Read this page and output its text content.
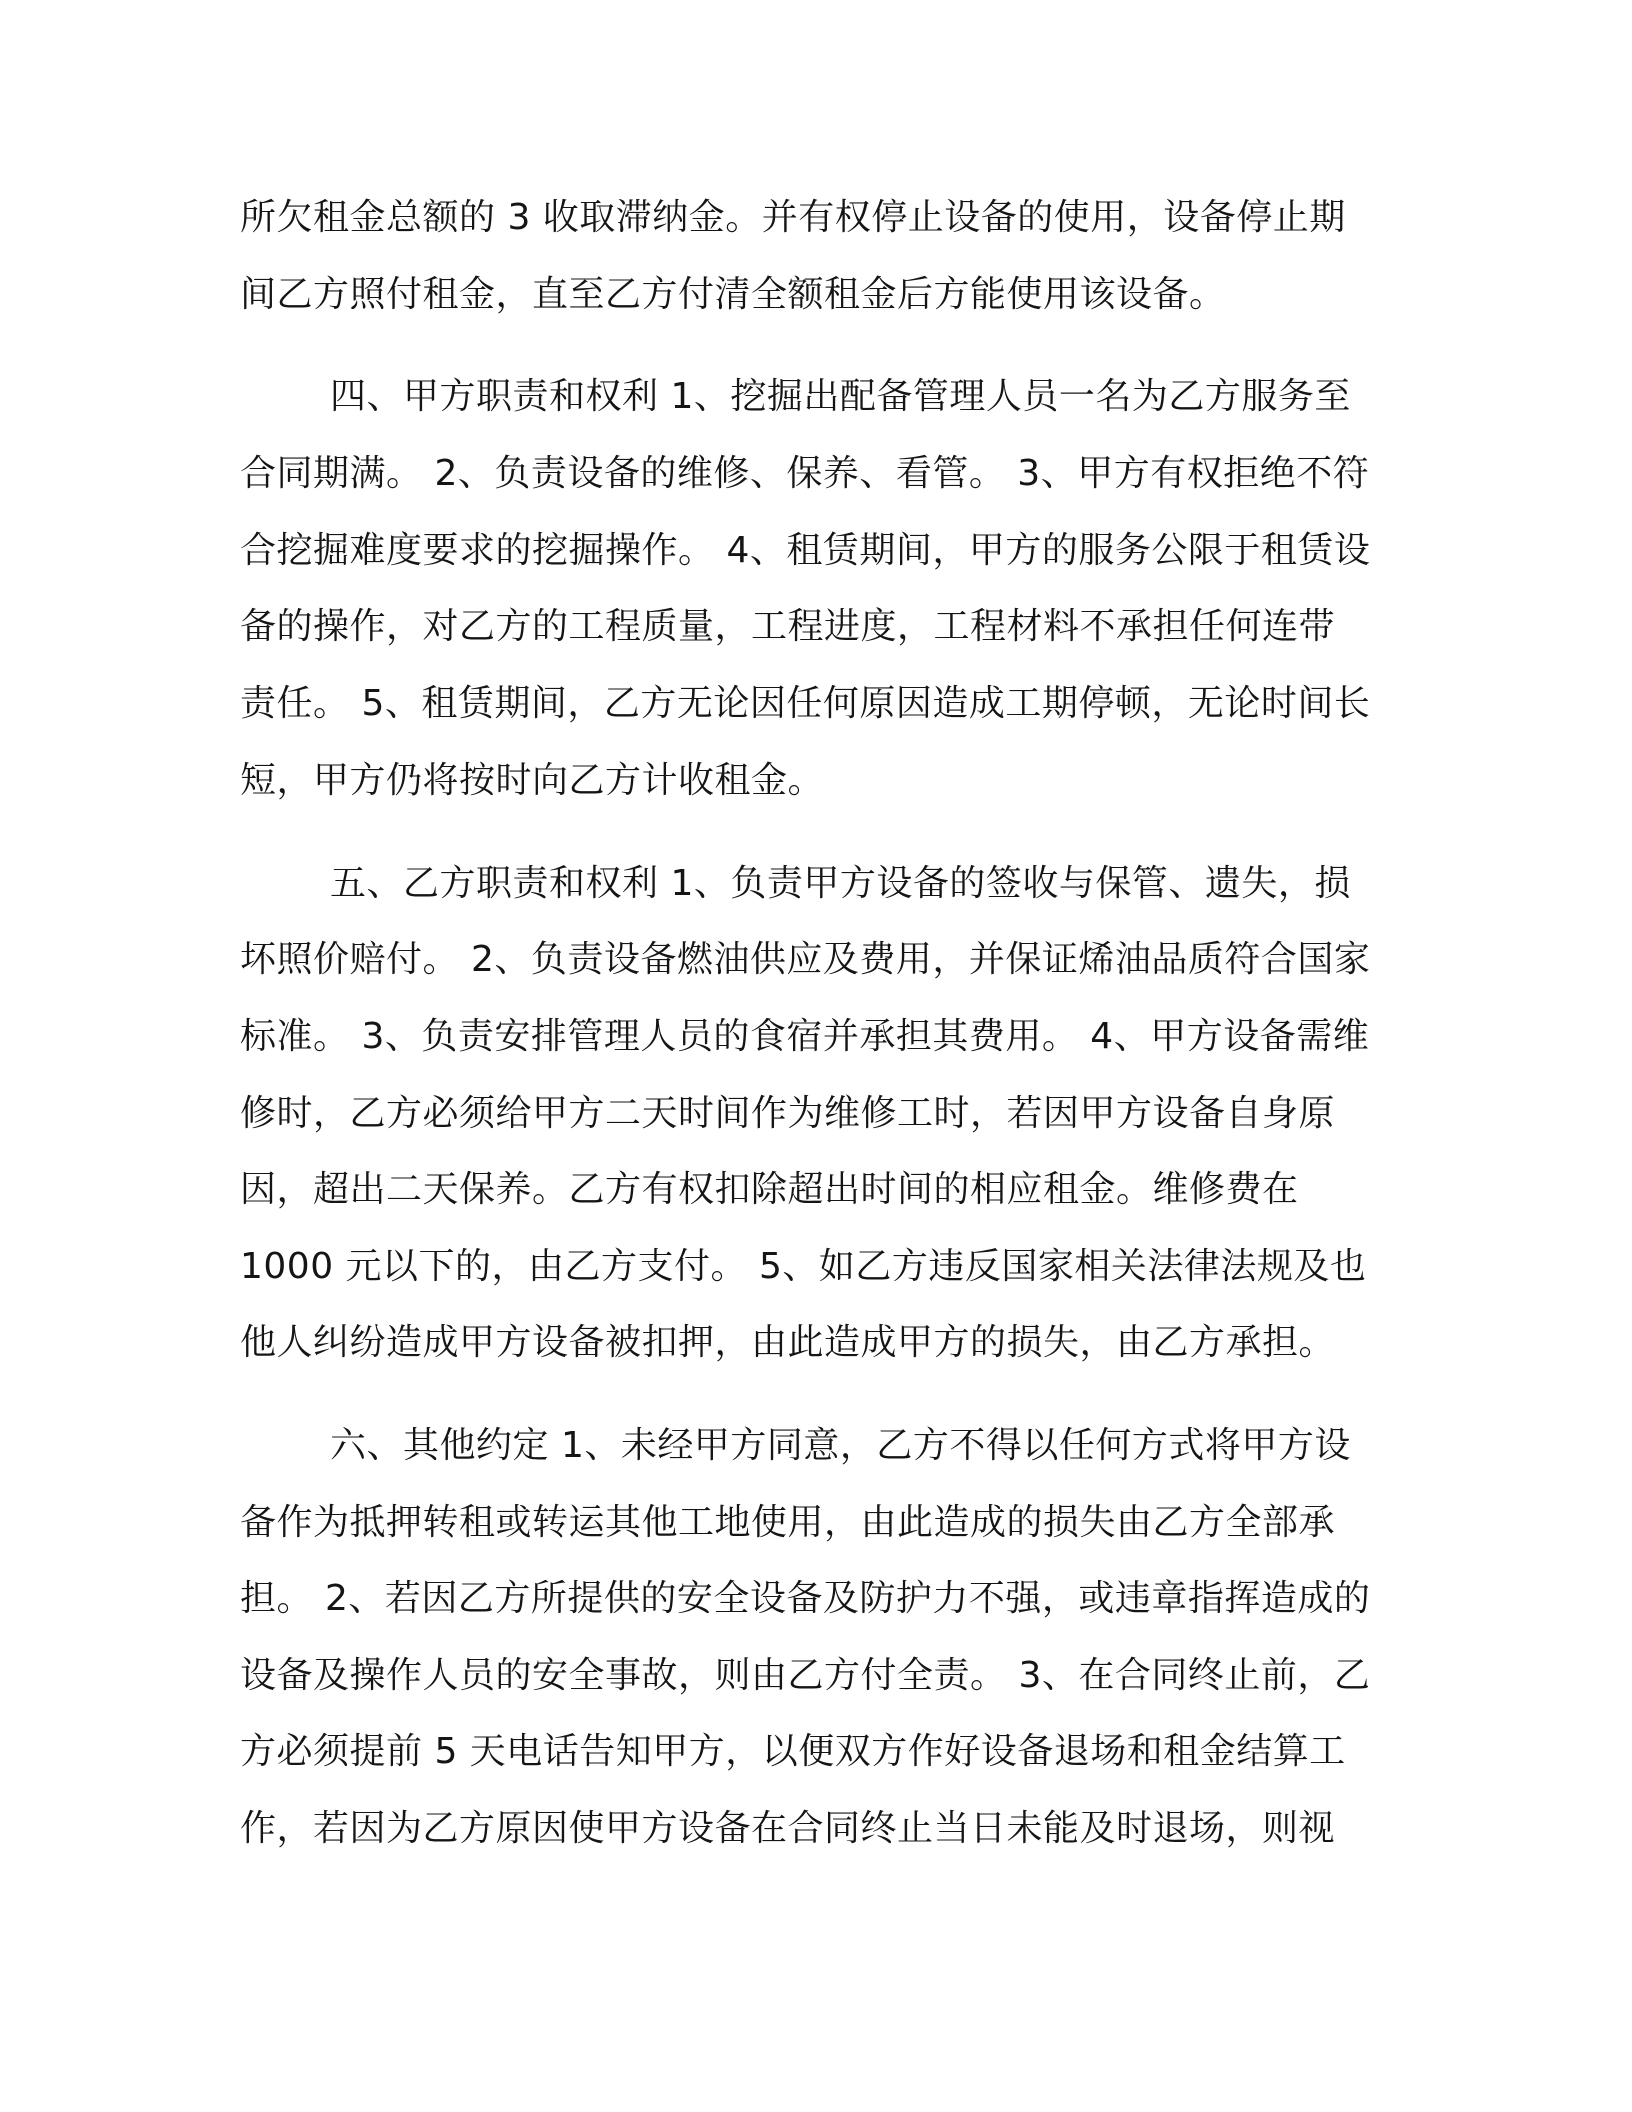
所欠租金总额的 3 收取滞纳金。并有权停止设备的使用，设备停止期
间乙方照付租金，直至乙方付清全额租金后方能使用该设备。
四、甲方职责和权利 1、挖掘出配备管理人员一名为乙方服务至
合同期满。 2、负责设备的维修、保养、看管。 3、甲方有权拒绝不符
合挖掘难度要求的挖掘操作。 4、租赁期间，甲方的服务公限于租赁设
备的操作，对乙方的工程质量，工程进度，工程材料不承担任何连带
责任。 5、租赁期间，乙方无论因任何原因造成工期停顿，无论时间长
短，甲方仍将按时向乙方计收租金。
五、乙方职责和权利 1、负责甲方设备的签收与保管、遗失，损
坏照价赔付。 2、负责设备燃油供应及费用，并保证烯油品质符合国家
标准。 3、负责安排管理人员的食宿并承担其费用。 4、甲方设备需维
修时，乙方必须给甲方二天时间作为维修工时，若因甲方设备自身原
因，超出二天保养。乙方有权扣除超出时间的相应租金。维修费在
1000 元以下的，由乙方支付。 5、如乙方违反国家相关法律法规及也
他人纠纷造成甲方设备被扣押，由此造成甲方的损失，由乙方承担。
六、其他约定 1、未经甲方同意，乙方不得以任何方式将甲方设
备作为抵押转租或转运其他工地使用，由此造成的损失由乙方全部承
担。 2、若因乙方所提供的安全设备及防护力不强，或违章指挥造成的
设备及操作人员的安全事故，则由乙方付全责。 3、在合同终止前，乙
方必须提前 5 天电话告知甲方，以便双方作好设备退场和租金结算工
作，若因为乙方原因使甲方设备在合同终止当日未能及时退场，则视
